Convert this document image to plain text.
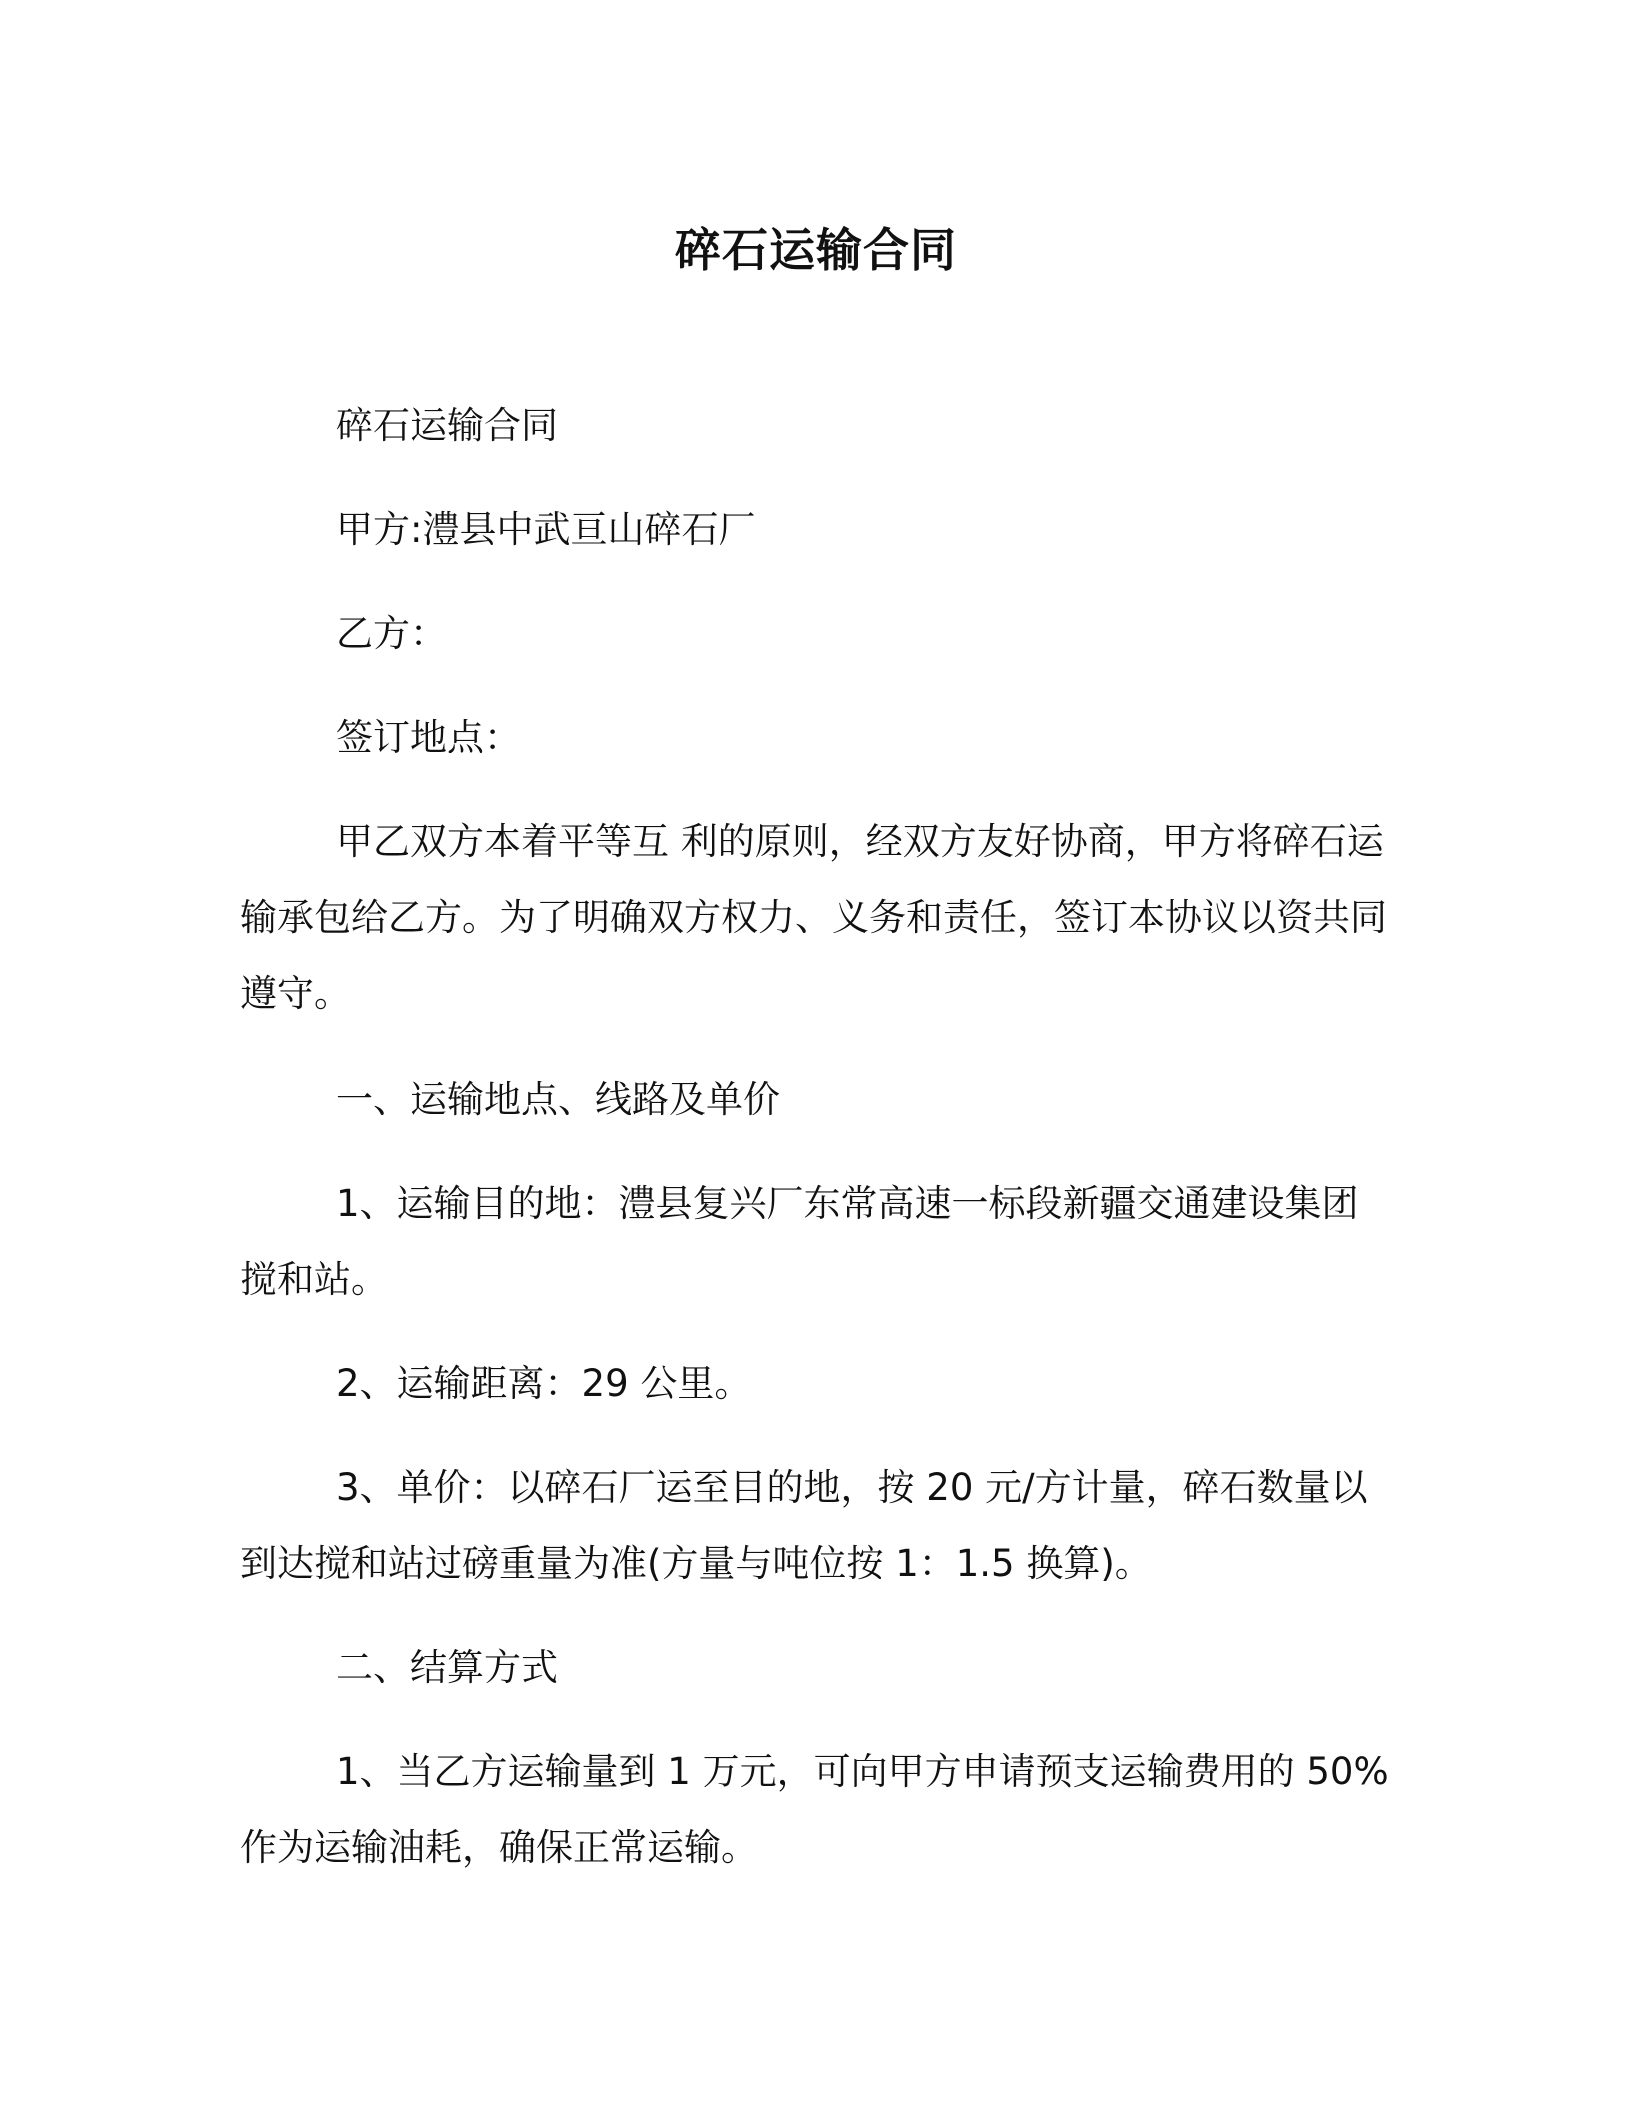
碎石运输合同

碎石运输合同

甲方:澧县中武亘山碎石厂

乙方：

签订地点：

甲乙双方本着平等互 利的原则，经双方友好协商，甲方将碎石运输承包给乙方。为了明确双方权力、义务和责任，签订本协议以资共同遵守。

一、运输地点、线路及单价

1、运输目的地：澧县复兴厂东常高速一标段新疆交通建设集团搅和站。

2、运输距离：29 公里。

3、单价：以碎石厂运至目的地，按 20 元/方计量，碎石数量以到达搅和站过磅重量为准(方量与吨位按 1：1.5 换算)。

二、结算方式

1、当乙方运输量到 1 万元，可向甲方申请预支运输费用的 50%作为运输油耗，确保正常运输。
